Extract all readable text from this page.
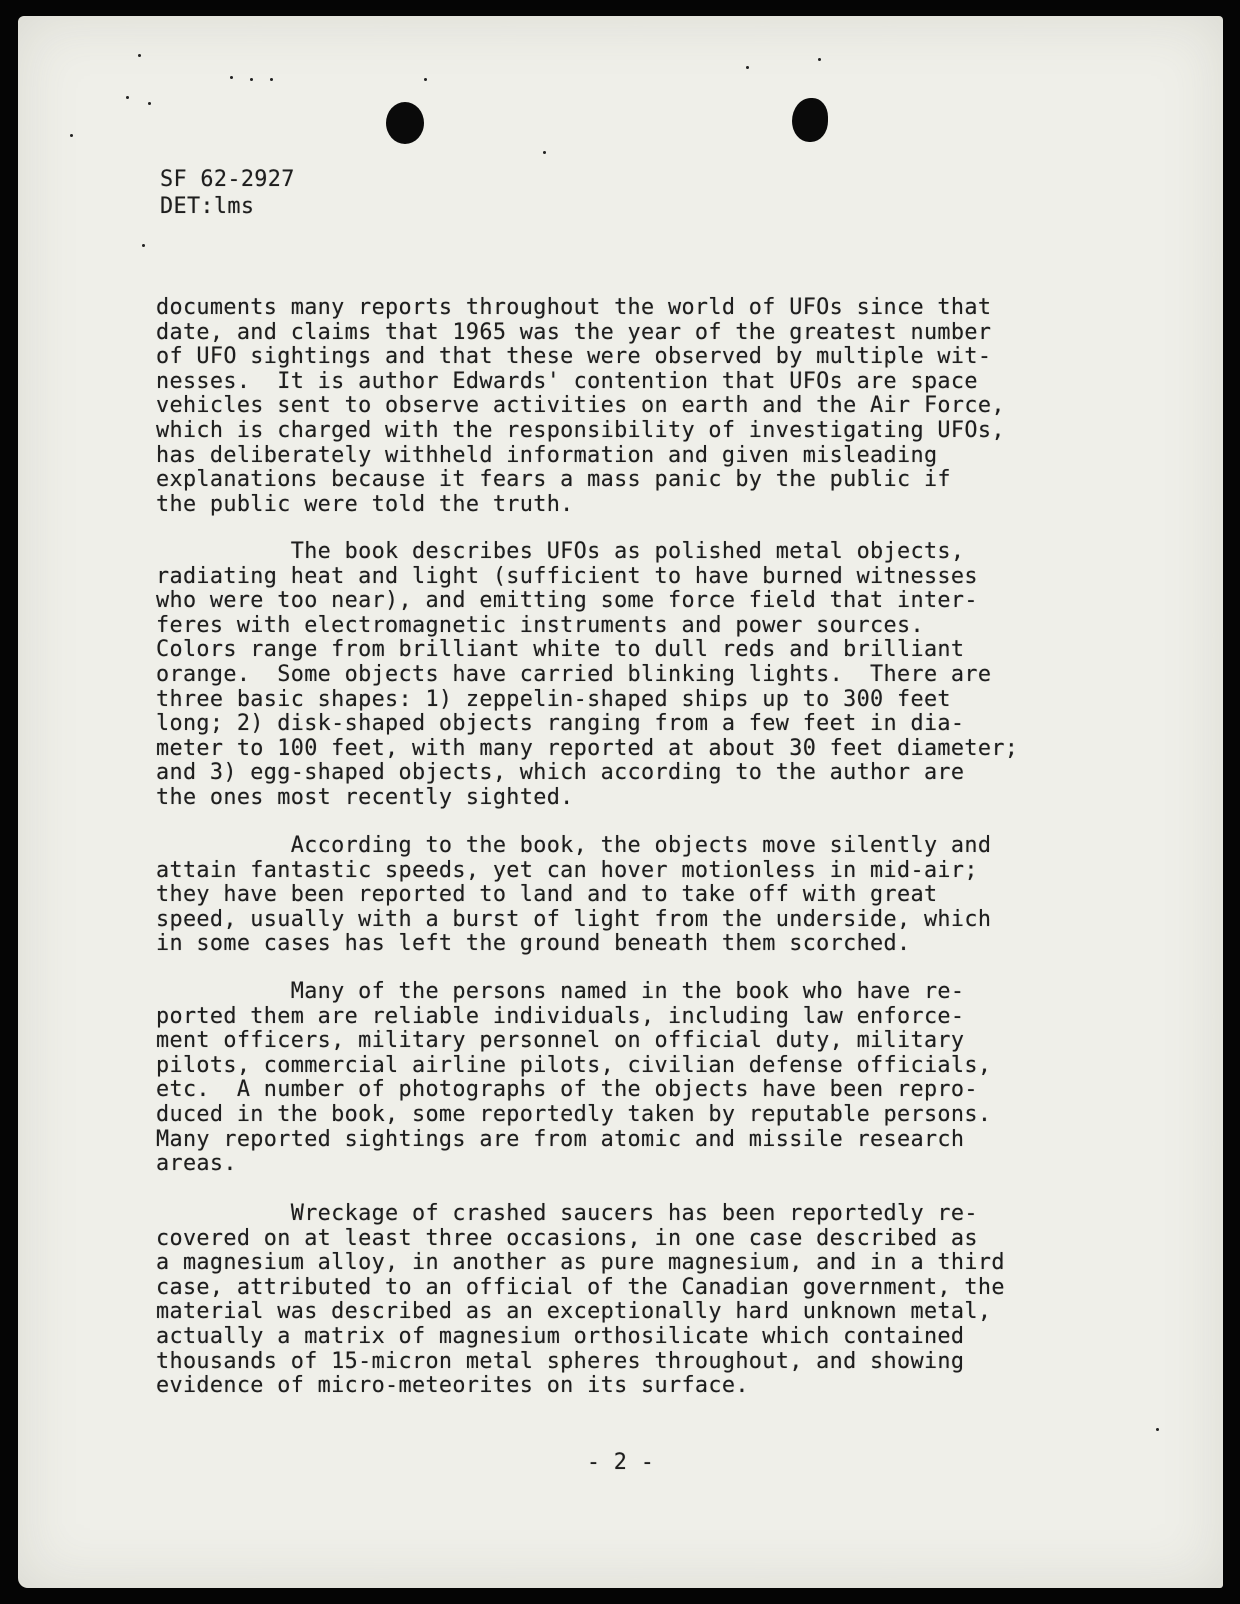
SF 62-2927
DET:lms
documents many reports throughout the world of UFOs since that
date, and claims that 1965 was the year of the greatest number
of UFO sightings and that these were observed by multiple wit-
nesses.  It is author Edwards' contention that UFOs are space
vehicles sent to observe activities on earth and the Air Force,
which is charged with the responsibility of investigating UFOs,
has deliberately withheld information and given misleading
explanations because it fears a mass panic by the public if
the public were told the truth.
The book describes UFOs as polished metal objects,
radiating heat and light (sufficient to have burned witnesses
who were too near), and emitting some force field that inter-
feres with electromagnetic instruments and power sources.
Colors range from brilliant white to dull reds and brilliant
orange.  Some objects have carried blinking lights.  There are
three basic shapes: 1) zeppelin-shaped ships up to 300 feet
long; 2) disk-shaped objects ranging from a few feet in dia-
meter to 100 feet, with many reported at about 30 feet diameter;
and 3) egg-shaped objects, which according to the author are
the ones most recently sighted.
According to the book, the objects move silently and
attain fantastic speeds, yet can hover motionless in mid-air;
they have been reported to land and to take off with great
speed, usually with a burst of light from the underside, which
in some cases has left the ground beneath them scorched.
Many of the persons named in the book who have re-
ported them are reliable individuals, including law enforce-
ment officers, military personnel on official duty, military
pilots, commercial airline pilots, civilian defense officials,
etc.  A number of photographs of the objects have been repro-
duced in the book, some reportedly taken by reputable persons.
Many reported sightings are from atomic and missile research
areas.
Wreckage of crashed saucers has been reportedly re-
covered on at least three occasions, in one case described as
a magnesium alloy, in another as pure magnesium, and in a third
case, attributed to an official of the Canadian government, the
material was described as an exceptionally hard unknown metal,
actually a matrix of magnesium orthosilicate which contained
thousands of 15-micron metal spheres throughout, and showing
evidence of micro-meteorites on its surface.
- 2 -
